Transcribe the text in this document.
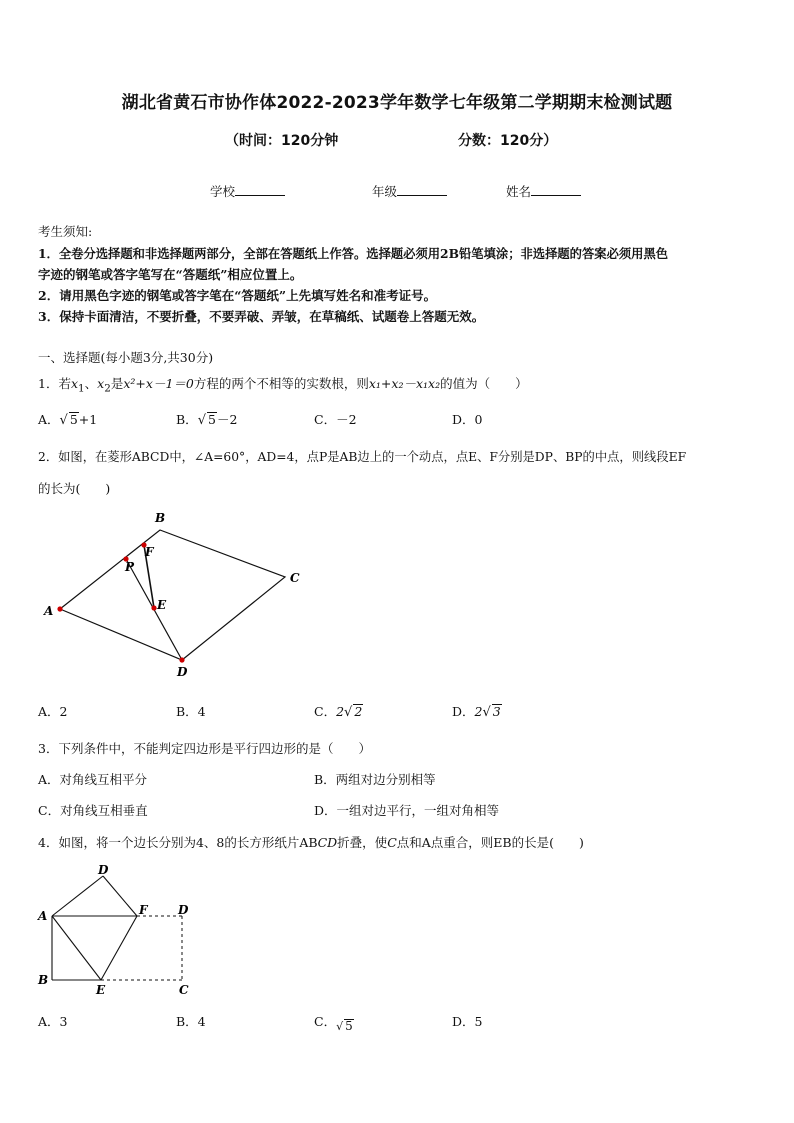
湖北省黄石市协作体2022-2023学年数学七年级第二学期期末检测试题
（时间：120分钟	分数：120分）
学校	年级	姓名
考生须知:
1．全卷分选择题和非选择题两部分，全部在答题纸上作答。选择题必须用2B铅笔填涂；非选择题的答案必须用黑色
字迹的钢笔或答字笔写在“答题纸”相应位置上。
2．请用黑色字迹的钢笔或答字笔在“答题纸”上先填写姓名和准考证号。
3．保持卡面清洁，不要折叠，不要弄破、弄皱，在草稿纸、试题卷上答题无效。
一、选择题(每小题3分,共30分)
1．若$x_1$、$x_2$是x²+x－1＝0方程的两个不相等的实数根，则x₁+x₂－x₁x₂的值为（　　）
A．√ 5+1	B．√ 5－2	C．－2	D．0
2．如图，在菱形ABCD中，∠A=60°，AD=4，点P是AB边上的一个动点，点E、F分别是DP、BP的中点，则线段EF
的长为(　　)
A
B
C
D
P
F
E
A．2	B．4	C．2√ 2	D．2√ 3
3．下列条件中，不能判定四边形是平行四边形的是（　　）
A．对角线互相平分	B．两组对边分别相等
C．对角线互相垂直	D．一组对边平行，一组对角相等
4．如图，将一个边长分别为4、8的长方形纸片ABCD折叠，使C点和A点重合，则EB的长是(　　)
A
B
E	C
D
F	D
A．3	B．4	C．√ 5	D．5
